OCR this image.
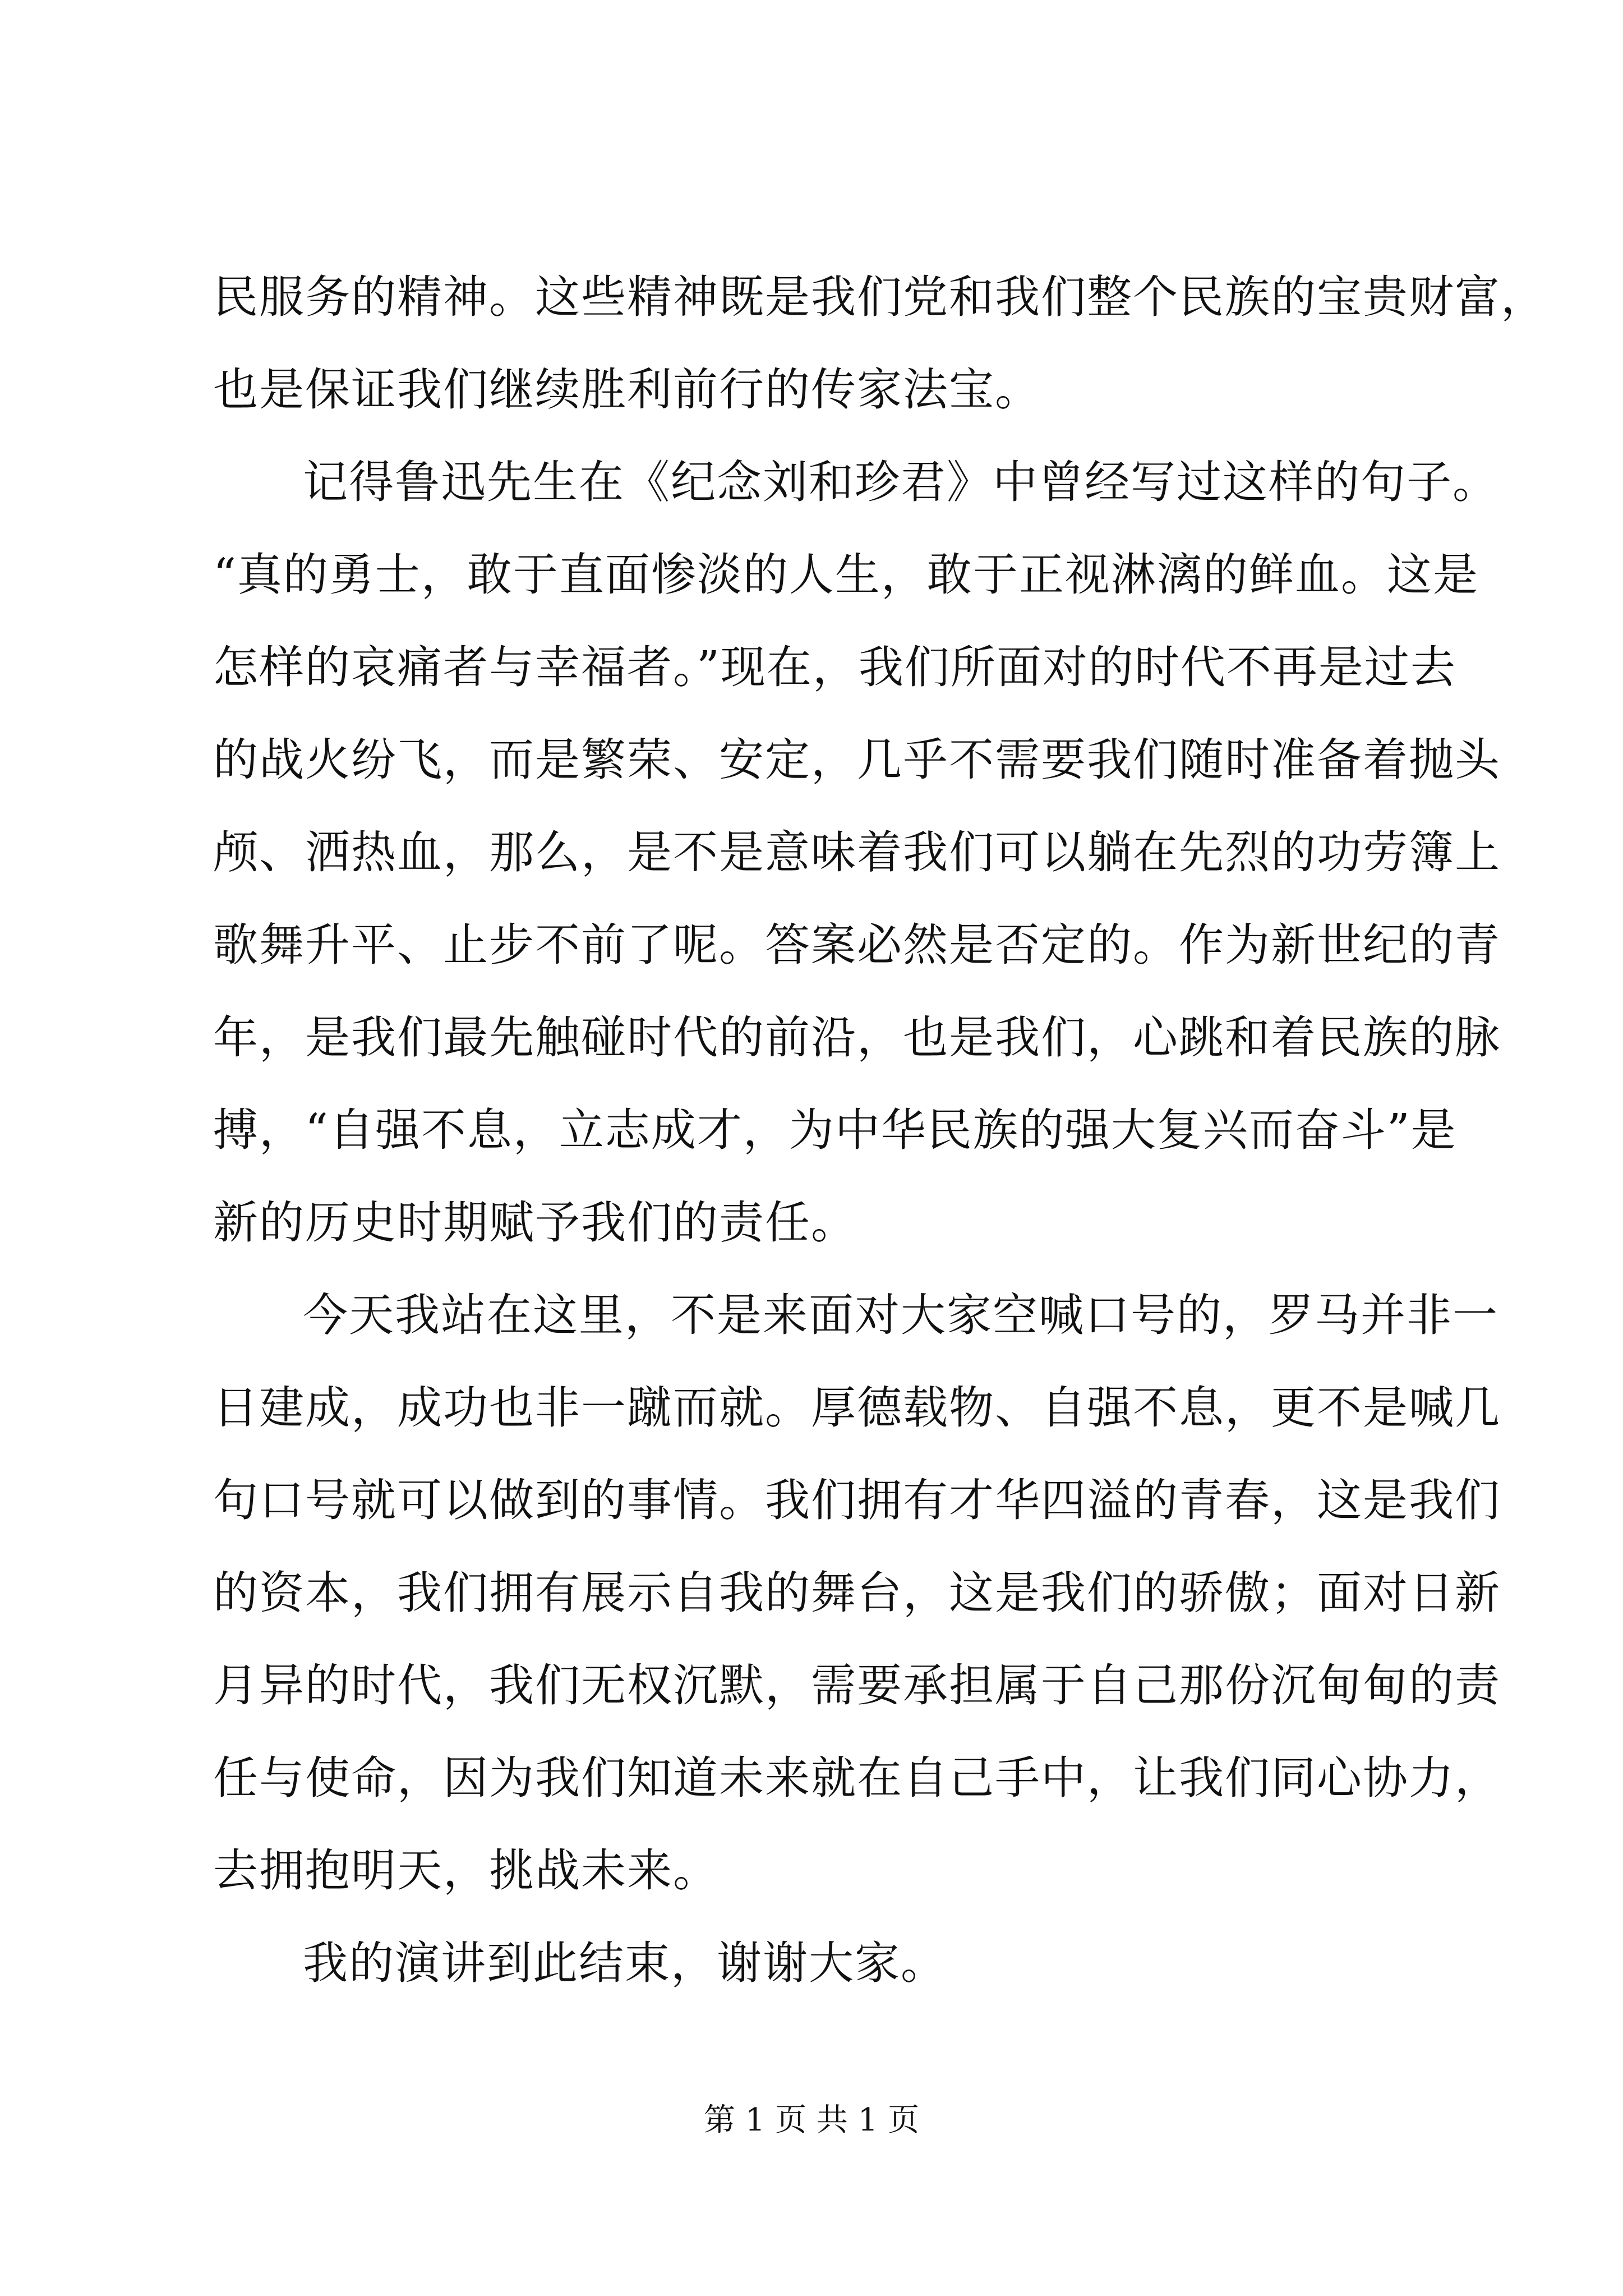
民服务的精神。这些精神既是我们党和我们整个民族的宝贵财富，
也是保证我们继续胜利前行的传家法宝。
记得鲁迅先生在《纪念刘和珍君》中曾经写过这样的句子。
“真的勇士，敢于直面惨淡的人生，敢于正视淋漓的鲜血。这是
怎样的哀痛者与幸福者。”现在，我们所面对的时代不再是过去
的战火纷飞，而是繁荣、安定，几乎不需要我们随时准备着抛头
颅、洒热血，那么，是不是意味着我们可以躺在先烈的功劳簿上
歌舞升平、止步不前了呢。答案必然是否定的。作为新世纪的青
年，是我们最先触碰时代的前沿，也是我们，心跳和着民族的脉
搏，“自强不息，立志成才，为中华民族的强大复兴而奋斗”是
新的历史时期赋予我们的责任。
今天我站在这里，不是来面对大家空喊口号的，罗马并非一
日建成，成功也非一蹴而就。厚德载物、自强不息，更不是喊几
句口号就可以做到的事情。我们拥有才华四溢的青春，这是我们
的资本，我们拥有展示自我的舞台，这是我们的骄傲；面对日新
月异的时代，我们无权沉默，需要承担属于自己那份沉甸甸的责
任与使命，因为我们知道未来就在自己手中，让我们同心协力，
去拥抱明天，挑战未来。
我的演讲到此结束，谢谢大家。
第 1 页 共 1 页
